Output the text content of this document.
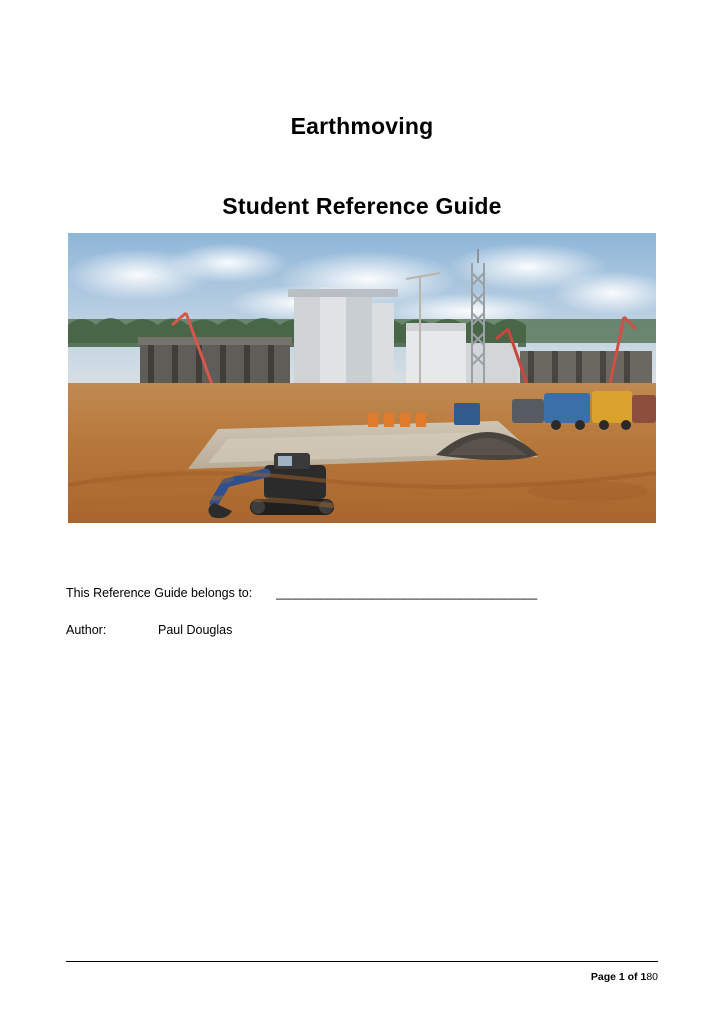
Earthmoving
Student Reference Guide
This Reference Guide belongs to: _________________________________________
Author:	Paul Douglas
Page 1 of 180
